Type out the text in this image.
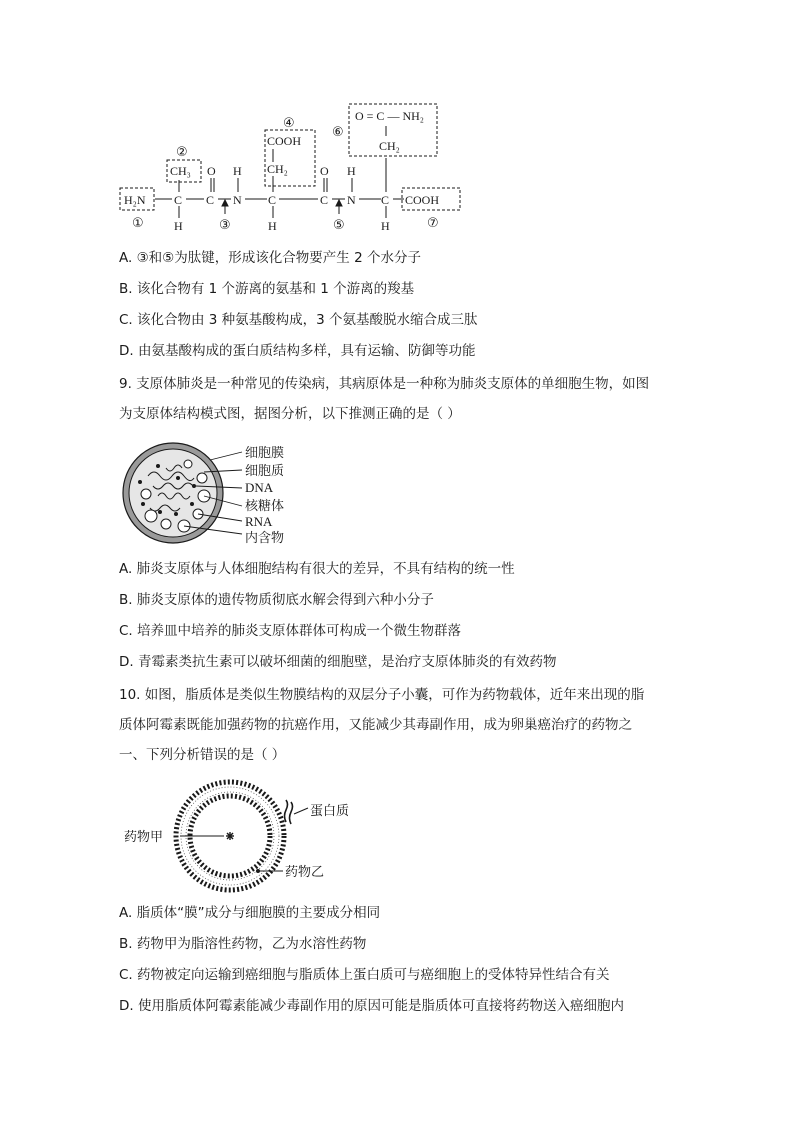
H₂N
CH₃
COOH
CH₂
O = C — NH₂
CH₂
COOH
C
H
C
O
N
H
C
H
C
O
N
H
C
H
①
②
③
④
⑤
⑥
⑦
A. ③和⑤为肽键，形成该化合物要产生 2 个水分子
B. 该化合物有 1 个游离的氨基和 1 个游离的羧基
C. 该化合物由 3 种氨基酸构成，3 个氨基酸脱水缩合成三肽
D. 由氨基酸构成的蛋白质结构多样，具有运输、防御等功能
9. 支原体肺炎是一种常见的传染病，其病原体是一种称为肺炎支原体的单细胞生物，如图
为支原体结构模式图，据图分析，以下推测正确的是（ ）
细胞膜
细胞质
DNA
核糖体
RNA
内含物
A. 肺炎支原体与人体细胞结构有很大的差异，不具有结构的统一性
B. 肺炎支原体的遗传物质彻底水解会得到六种小分子
C. 培养皿中培养的肺炎支原体群体可构成一个微生物群落
D. 青霉素类抗生素可以破坏细菌的细胞壁，是治疗支原体肺炎的有效药物
10. 如图，脂质体是类似生物膜结构的双层分子小囊，可作为药物载体，近年来出现的脂
质体阿霉素既能加强药物的抗癌作用，又能减少其毒副作用，成为卵巢癌治疗的药物之
一、下列分析错误的是（ ）
蛋白质
药物甲
药物乙
A. 脂质体“膜”成分与细胞膜的主要成分相同
B. 药物甲为脂溶性药物，乙为水溶性药物
C. 药物被定向运输到癌细胞与脂质体上蛋白质可与癌细胞上的受体特异性结合有关
D. 使用脂质体阿霉素能减少毒副作用的原因可能是脂质体可直接将药物送入癌细胞内
